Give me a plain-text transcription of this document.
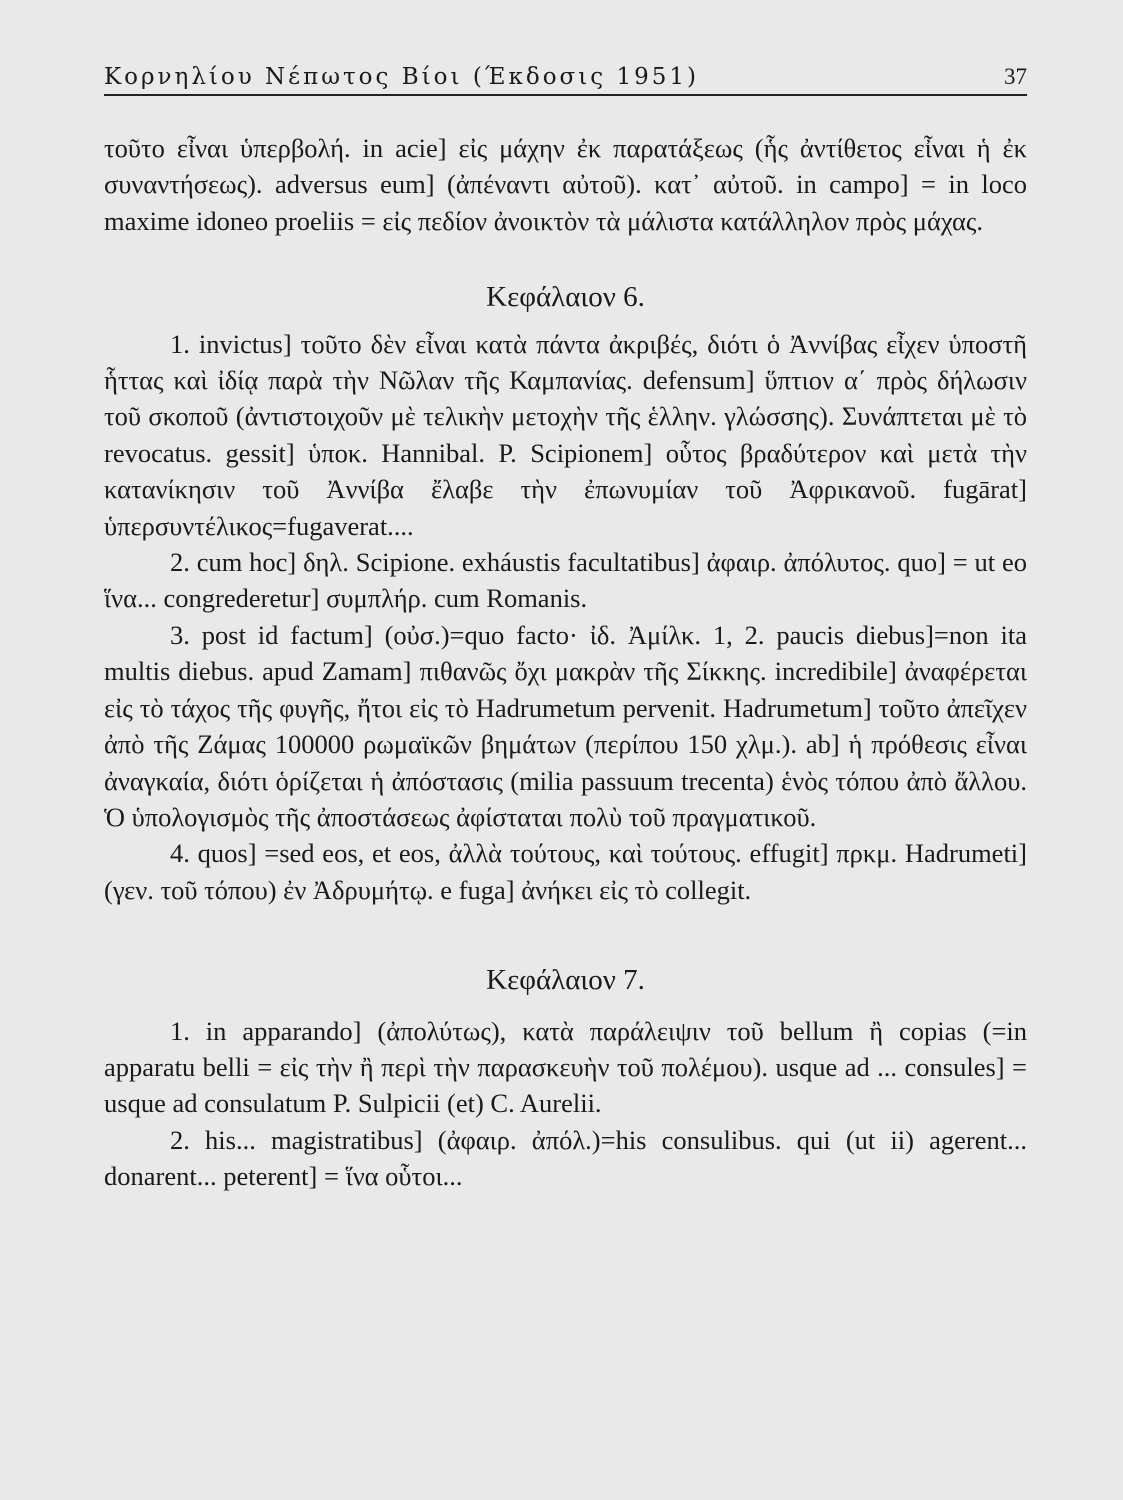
Κορνηλίου Νέπωτος Βίοι (Έκδοσις 1951)	37

τοῦτο εἶναι ὑπερβολή. in acie] εἰς μάχην ἐκ παρατάξεως (ἧς ἀντίθετος εἶναι ἡ ἐκ συναντήσεως). adversus eum] (ἀπέναντι αὐτοῦ). κατ᾽ αὐτοῦ. in campo] = in loco maxime idoneo proeliis = εἰς πεδίον ἀνοικτὸν τὰ μάλιστα κατάλληλον πρὸς μάχας.

Κεφάλαιον 6.

1. invictus] τοῦτο δὲν εἶναι κατὰ πάντα ἀκριβές, διότι ὁ Ἀννίβας εἶχεν ὑποστῆ ἧττας καὶ ἰδίᾳ παρὰ τὴν Νῶλαν τῆς Καμπανίας. defensum] ὕπτιον α΄ πρὸς δήλωσιν τοῦ σκοποῦ (ἀντιστοιχοῦν μὲ τελικὴν μετοχὴν τῆς ἑλλην. γλώσσης). Συνάπτεται μὲ τὸ revocatus. gessit] ὑποκ. Hannibal. P. Scipionem] οὗτος βραδύτερον καὶ μετὰ τὴν κατανίκησιν τοῦ Ἀννίβα ἔλαβε τὴν ἐπωνυμίαν τοῦ Ἀφρικανοῦ. fugārat] ὑπερσυντέλικος=fugaverat....

2. cum hoc] δηλ. Scipione. exháustis facultatibus] ἀφαιρ. ἀπόλυτος. quo] = ut eo ἵνα... congrederetur] συμπλήρ. cum Romanis.

3. post id factum] (οὐσ.)=quo facto· ἰδ. Ἀμίλκ. 1, 2. paucis diebus]=non ita multis diebus. apud Zamam] πιθανῶς ὄχι μακρὰν τῆς Σίκκης. incredibile] ἀναφέρεται εἰς τὸ τάχος τῆς φυγῆς, ἤτοι εἰς τὸ Hadrumetum pervenit. Hadrumetum] τοῦτο ἀπεῖχεν ἀπὸ τῆς Ζάμας 100000 ρωμαϊκῶν βημάτων (περίπου 150 χλμ.). ab] ἡ πρόθεσις εἶναι ἀναγκαία, διότι ὁρίζεται ἡ ἀπόστασις (milia passuum trecenta) ἑνὸς τόπου ἀπὸ ἄλλου. Ὁ ὑπολογισμὸς τῆς ἀποστάσεως ἀφίσταται πολὺ τοῦ πραγματικοῦ.

4. quos] =sed eos, et eos, ἀλλὰ τούτους, καὶ τούτους. effugit] πρκμ. Hadrumeti] (γεν. τοῦ τόπου) ἐν Ἀδρυμήτῳ. e fuga] ἀνήκει εἰς τὸ collegit.

Κεφάλαιον 7.

1. in apparando] (ἀπολύτως), κατὰ παράλειψιν τοῦ bellum ἢ copias (=in apparatu belli = εἰς τὴν ἢ περὶ τὴν παρασκευὴν τοῦ πολέμου). usque ad ... consules] = usque ad consulatum P. Sulpicii (et) C. Aurelii.

2. his... magistratibus] (ἀφαιρ. ἀπόλ.)=his consulibus. qui (ut ii) agerent... donarent... peterent] = ἵνα οὗτοι...
